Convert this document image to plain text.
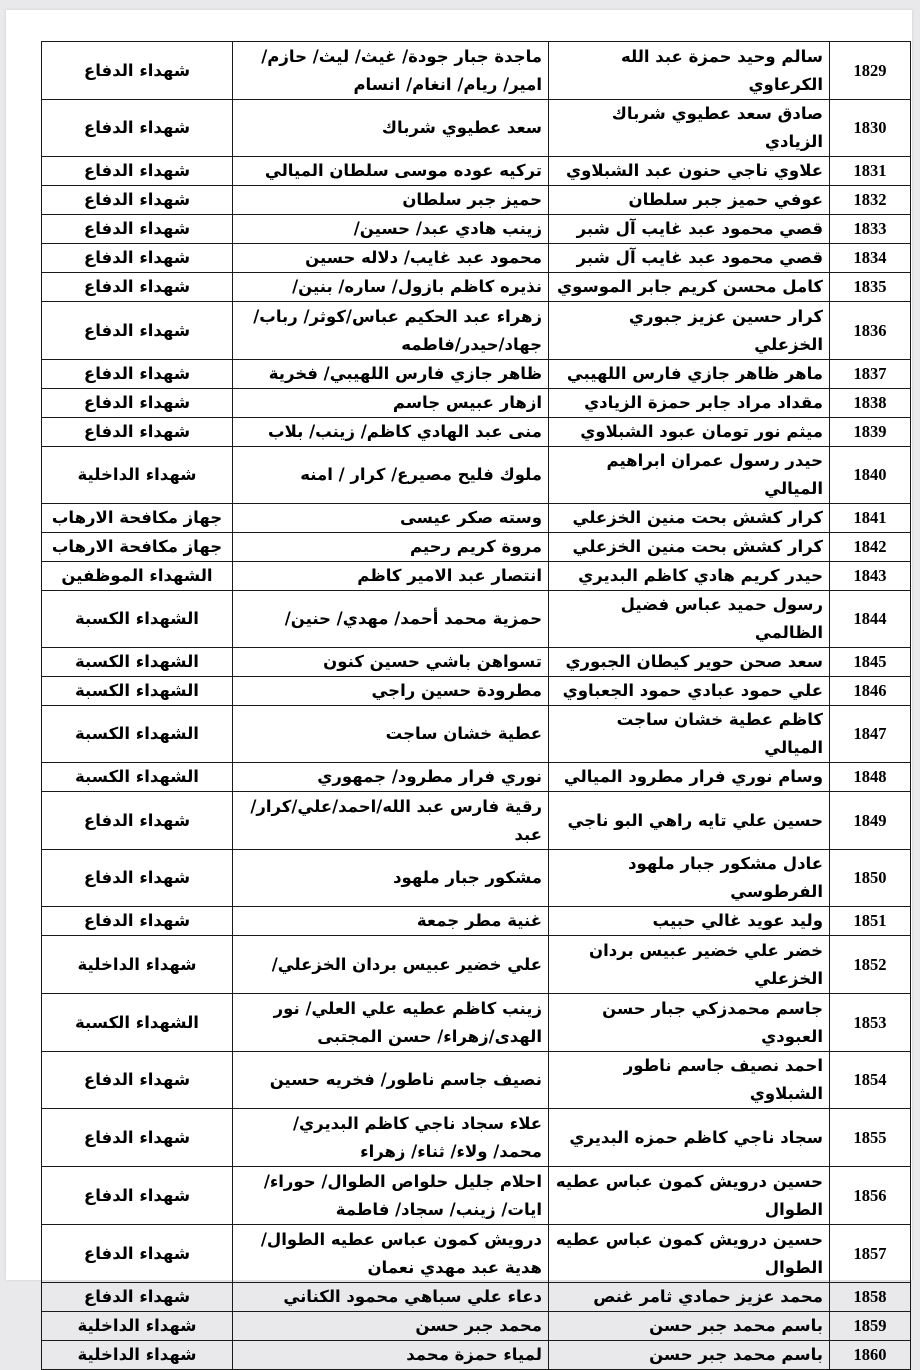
1829	سالم وحيد حمزة عبد الله الكرعاوي	ماجدة جبار جودة/ غيث/ ليث/ حازم/ امير/ ريام/ انغام/ انسام	شهداء الدفاع
1830	صادق سعد عطيوي شرباك الزيادي	سعد عطيوي شرباك	شهداء الدفاع
1831	علاوي ناجي حنون عبد الشبلاوي	تركيه عوده موسى سلطان الميالي	شهداء الدفاع
1832	عوفي حميز جبر سلطان	حميز جبر سلطان	شهداء الدفاع
1833	قصي محمود عبد غايب آل شبر	زينب هادي عبد/ حسين/	شهداء الدفاع
1834	قصي محمود عبد غايب آل شبر	محمود عبد غايب/ دلاله حسين	شهداء الدفاع
1835	كامل محسن كريم جابر الموسوي	نذيره كاظم بازول/ ساره/ بنين/	شهداء الدفاع
1836	كرار حسين عزيز جبوري الخزعلي	زهراء عبد الحكيم عباس/كوثر/ رباب/جهاد/حيدر/فاطمه	شهداء الدفاع
1837	ماهر ظاهر جازي فارس اللهيبي	ظاهر جازي فارس اللهيبي/ فخرية	شهداء الدفاع
1838	مقداد مراد جابر حمزة الزيادي	ازهار عبيس جاسم	شهداء الدفاع
1839	ميثم نور تومان عبود الشبلاوي	منى عبد الهادي كاظم/ زينب/ بلاب	شهداء الدفاع
1840	حيدر رسول عمران ابراهيم الميالي	ملوك فليح مصيرع/ كرار / امنه	شهداء الداخلية
1841	كرار كشش بحت منين الخزعلي	وسته صكر عيسى	جهاز مكافحة الارهاب
1842	كرار كشش بحت منين الخزعلي	مروة كريم رحيم	جهاز مكافحة الارهاب
1843	حيدر كريم هادي كاظم البديري	انتصار عبد الامير كاظم	الشهداء الموظفين
1844	رسول حميد عباس فضيل الظالمي	حمزية محمد أحمد/ مهدي/ حنين/	الشهداء الكسبة
1845	سعد صحن حوير كيطان الجبوري	تسواهن باشي حسين كنون	الشهداء الكسبة
1846	علي حمود عبادي حمود الجعباوي	مطرودة حسين راجي	الشهداء الكسبة
1847	كاظم عطية خشان ساجت الميالي	عطية خشان ساجت	الشهداء الكسبة
1848	وسام نوري فرار مطرود الميالي	نوري فرار مطرود/ جمهوري	الشهداء الكسبة
1849	حسين علي تايه راهي البو ناجي	رقية فارس عبد الله/احمد/علي/كرار/ عبد	شهداء الدفاع
1850	عادل مشكور جبار ملهود الفرطوسي	مشكور جبار ملهود	شهداء الدفاع
1851	وليد عويد غالي حبيب	غنية مطر جمعة	شهداء الدفاع
1852	خضر علي خضير عبيس بردان الخزعلي	علي خضير عبيس بردان الخزعلي/	شهداء الداخلية
1853	جاسم محمدزكي جبار حسن العبودي	زينب كاظم عطيه علي العلي/ نور الهدى/زهراء/ حسن المجتبى	الشهداء الكسبة
1854	احمد نصيف جاسم ناطور الشبلاوي	نصيف جاسم ناطور/ فخريه حسين	شهداء الدفاع
1855	سجاد ناجي كاظم حمزه البديري	علاء سجاد ناجي كاظم البديري/ محمد/ ولاء/ ثناء/ زهراء	شهداء الدفاع
1856	حسين درويش كمون عباس عطيه الطوال	احلام جليل حلواص الطوال/ حوراء/ ايات/ زينب/ سجاد/ فاطمة	شهداء الدفاع
1857	حسين درويش كمون عباس عطيه الطوال	درويش كمون عباس عطيه الطوال/ هدية عبد مهدي نعمان	شهداء الدفاع
1858	محمد عزيز حمادي ثامر غنص	دعاء علي سباهي محمود الكناني	شهداء الدفاع
1859	باسم محمد جبر حسن	محمد جبر حسن	شهداء الداخلية
1860	باسم محمد جبر حسن	لمياء حمزة محمد	شهداء الداخلية
